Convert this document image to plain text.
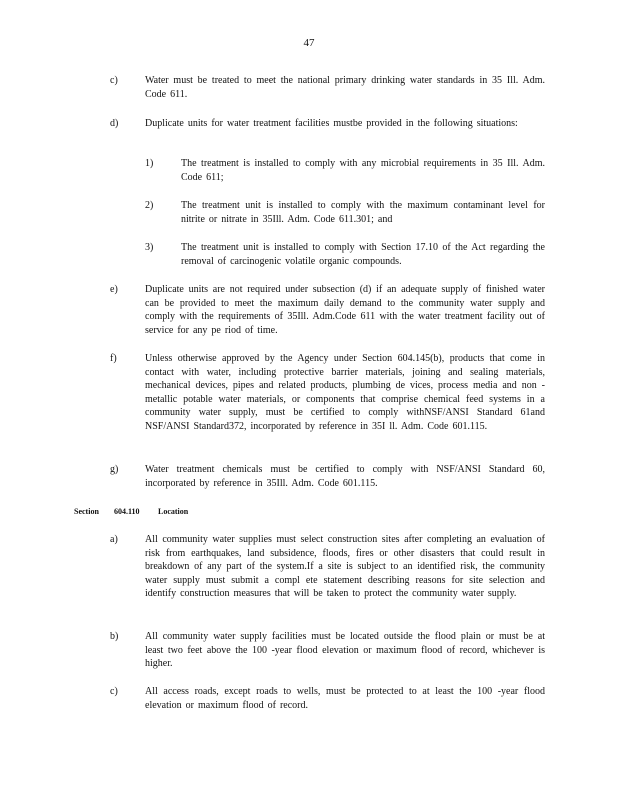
47
c)	Water must be treated to meet the national primary drinking water standards in 35 Ill. Adm. Code 611.
d)	Duplicate units for water treatment facilities mustbe provided in the following situations:
1)	The treatment is installed to comply with any microbial requirements in 35 Ill. Adm. Code 611;
2)	The treatment unit is installed to comply with the maximum contaminant level for nitrite or nitrate in 35Ill. Adm. Code 611.301; and
3)	The treatment unit is installed to comply with Section 17.10 of the Act regarding the removal of carcinogenic volatile organic compounds.
e)	Duplicate units are not required under subsection (d) if an adequate supply of finished water can be provided to meet the maximum daily demand to the community water supply and comply with the requirements of 35Ill. Adm.Code 611 with the water treatment facility out of service for any pe riod of time.
f)	Unless otherwise approved by the Agency under Section 604.145(b), products that come in contact with water, including protective barrier materials, joining and sealing materials, mechanical devices, pipes and related products, plumbing de vices, process media and non -metallic potable water materials, or components that comprise chemical feed systems in a community water supply, must be certified to comply withNSF/ANSI Standard 61and NSF/ANSI Standard372, incorporated by reference in 35I ll. Adm. Code 601.115.
g)	Water treatment chemicals must be certified to comply with NSF/ANSI Standard 60, incorporated by reference in 35Ill. Adm. Code 601.115.
Section 604.110 Location
a)	All community water supplies must select construction sites after completing an evaluation of risk from earthquakes, land subsidence, floods, fires or other disasters that could result in breakdown of any part of the system.If a site is subject to an identified risk, the community water supply must submit a compl ete statement describing reasons for site selection and identify construction measures that will be taken to protect the community water supply.
b)	All community water supply facilities must be located outside the flood plain or must be at least two feet above the 100 -year flood elevation or maximum flood of record, whichever is higher.
c)	All access roads, except roads to wells, must be protected to at least the 100 -year flood elevation or maximum flood of record.
